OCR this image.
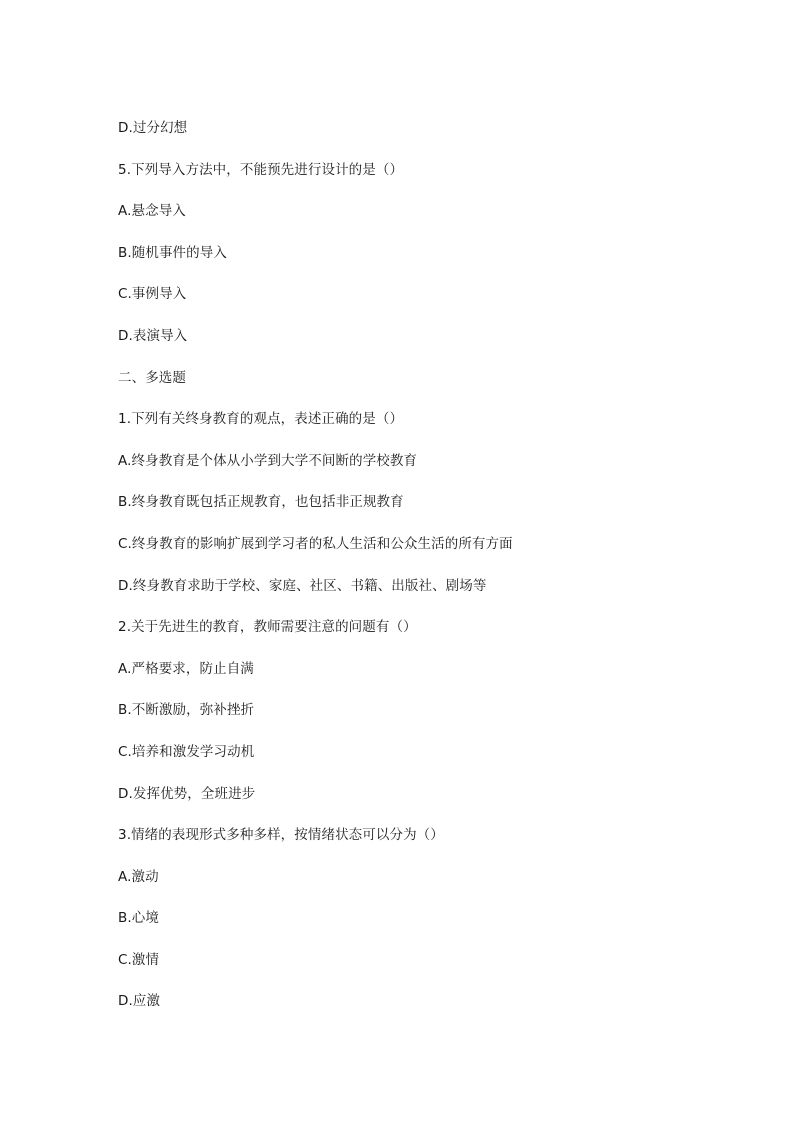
D.过分幻想
5.下列导入方法中，不能预先进行设计的是（）
A.悬念导入
B.随机事件的导入
C.事例导入
D.表演导入
二、多选题
1.下列有关终身教育的观点，表述正确的是（）
A.终身教育是个体从小学到大学不间断的学校教育
B.终身教育既包括正规教育，也包括非正规教育
C.终身教育的影响扩展到学习者的私人生活和公众生活的所有方面
D.终身教育求助于学校、家庭、社区、书籍、出版社、剧场等
2.关于先进生的教育，教师需要注意的问题有（）
A.严格要求，防止自满
B.不断激励，弥补挫折
C.培养和激发学习动机
D.发挥优势，全班进步
3.情绪的表现形式多种多样，按情绪状态可以分为（）
A.激动
B.心境
C.激情
D.应激
